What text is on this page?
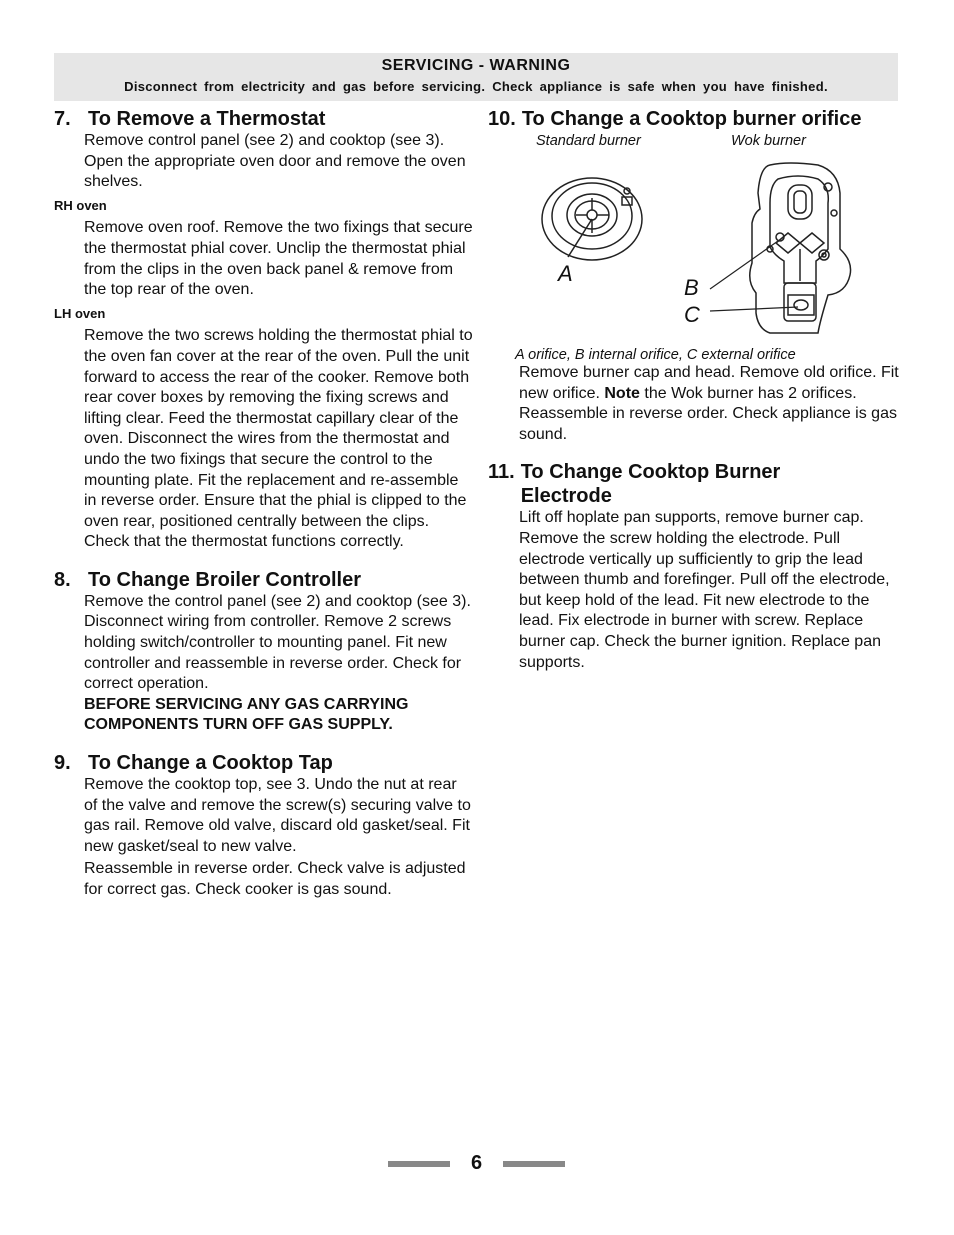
SERVICING - WARNING
Disconnect from electricity and gas before servicing. Check appliance is safe when you have finished.
7. To Remove a Thermostat

Remove control panel (see 2) and cooktop (see 3). Open the appropriate oven door and remove the oven shelves.

RH oven

Remove oven roof. Remove the two fixings that secure the thermostat phial cover. Unclip the thermostat phial from the clips in the oven back panel & remove from the top rear of the oven.

LH oven

Remove the two screws holding the thermostat phial to the oven fan cover at the rear of the oven. Pull the unit forward to access the rear of the cooker. Remove both rear cover boxes by removing the fixing screws and lifting clear. Feed the thermostat capillary clear of the oven. Disconnect the wires from the thermostat and undo the two fixings that secure the control to the mounting plate. Fit the replacement and re-assemble in reverse order. Ensure that the phial is clipped to the oven rear, positioned centrally between the clips. Check that the thermostat functions correctly.

8. To Change Broiler Controller

Remove the control panel (see 2) and cooktop (see 3). Disconnect wiring from controller. Remove 2 screws holding switch/controller to mounting panel. Fit new controller and reassemble in reverse order. Check for correct operation.

BEFORE SERVICING ANY GAS CARRYING COMPONENTS TURN OFF GAS SUPPLY.

9. To Change a Cooktop Tap

Remove the cooktop top, see 3. Undo the nut at rear of the valve and remove the screw(s) securing valve to gas rail. Remove old valve, discard old gasket/seal. Fit new gasket/seal to new valve.

Reassemble in reverse order. Check valve is adjusted for correct gas. Check cooker is gas sound.

10. To Change a Cooktop burner orifice
Standard burner	Wok burner
A
B
C
A orifice, B internal orifice, C external orifice

Remove burner cap and head. Remove old orifice. Fit new orifice. Note the Wok burner has 2 orifices. Reassemble in reverse order. Check appliance is gas sound.

11. To Change Cooktop Burner Electrode

Lift off hoplate pan supports, remove burner cap. Remove the screw holding the electrode. Pull electrode vertically up sufficiently to grip the lead between thumb and forefinger. Pull off the electrode, but keep hold of the lead. Fit new electrode to the lead. Fix electrode in burner with screw. Replace burner cap. Check the burner ignition. Replace pan supports.

6
